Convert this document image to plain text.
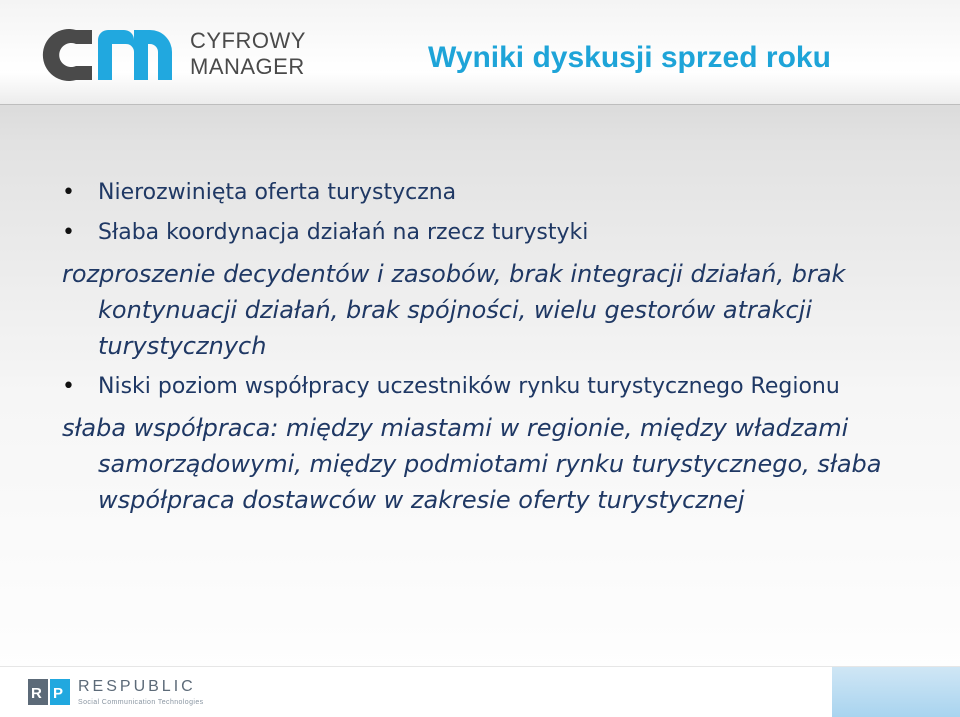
CYFROWY
MANAGER	Wyniki dyskusji sprzed roku
• Nierozwinięta oferta turystyczna
• Słaba koordynacja działań na rzecz turystyki
rozproszenie decydentów i zasobów, brak integracji działań, brak kontynuacji działań, brak spójności, wielu gestorów atrakcji turystycznych
• Niski poziom współpracy uczestników rynku turystycznego Regionu
słaba współpraca: między miastami w regionie, między władzami samorządowymi, między podmiotami rynku turystycznego, słaba współpraca dostawców w zakresie oferty turystycznej
R P RESPUBLIC
Social Communication Technologies
